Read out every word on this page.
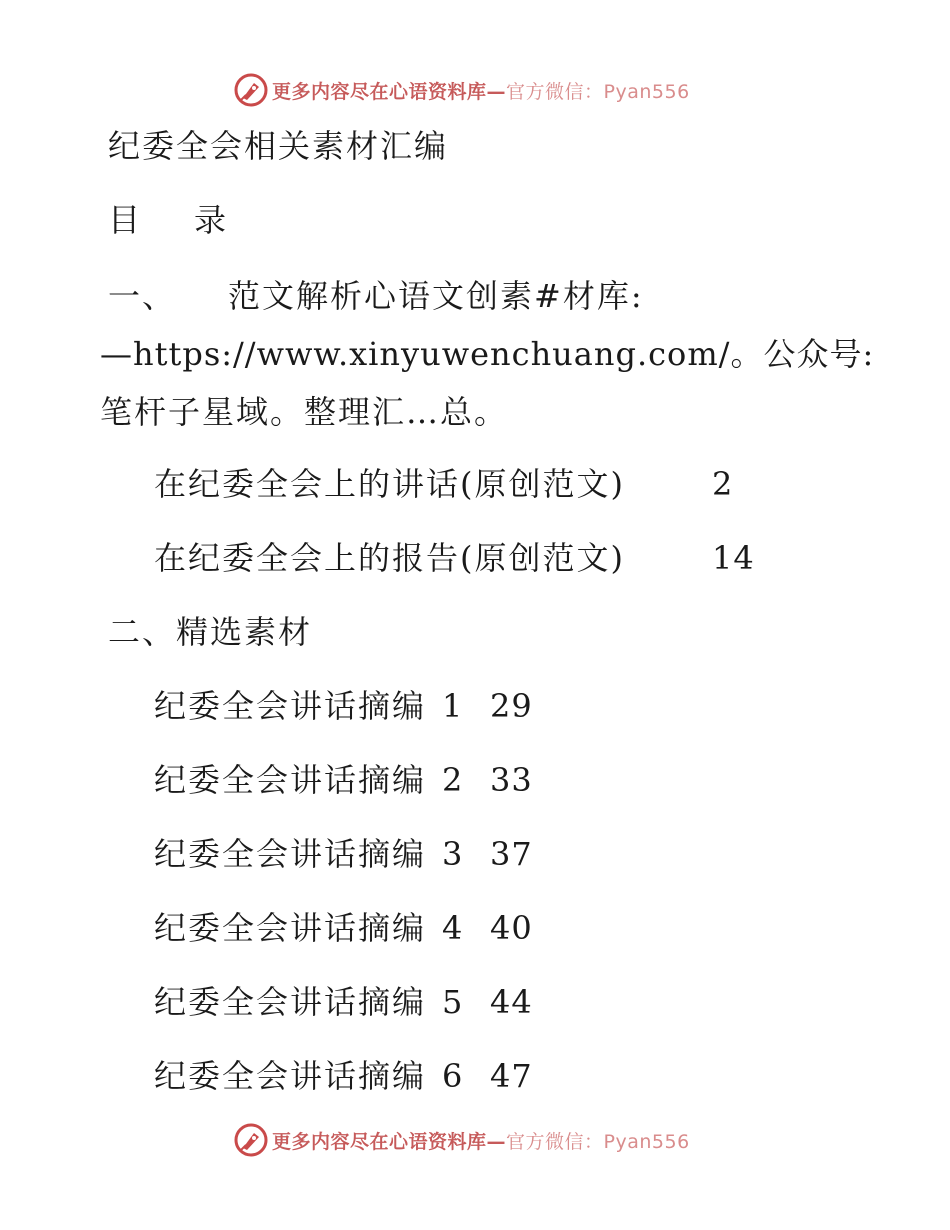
更多内容尽在心语资料库—官方微信：Pyan556
纪委全会相关素材汇编
目 录
一、 范文解析心语文创素#材库:
—https://www.xinyuwenchuang.com/。公众号:
笔杆子星域。整理汇…总。
在纪委全会上的讲话(原创范文)	2
在纪委全会上的报告(原创范文)	14
二、精选素材
纪委全会讲话摘编 1 29
纪委全会讲话摘编 2 33
纪委全会讲话摘编 3 37
纪委全会讲话摘编 4 40
纪委全会讲话摘编 5 44
纪委全会讲话摘编 6 47
更多内容尽在心语资料库—官方微信：Pyan556
